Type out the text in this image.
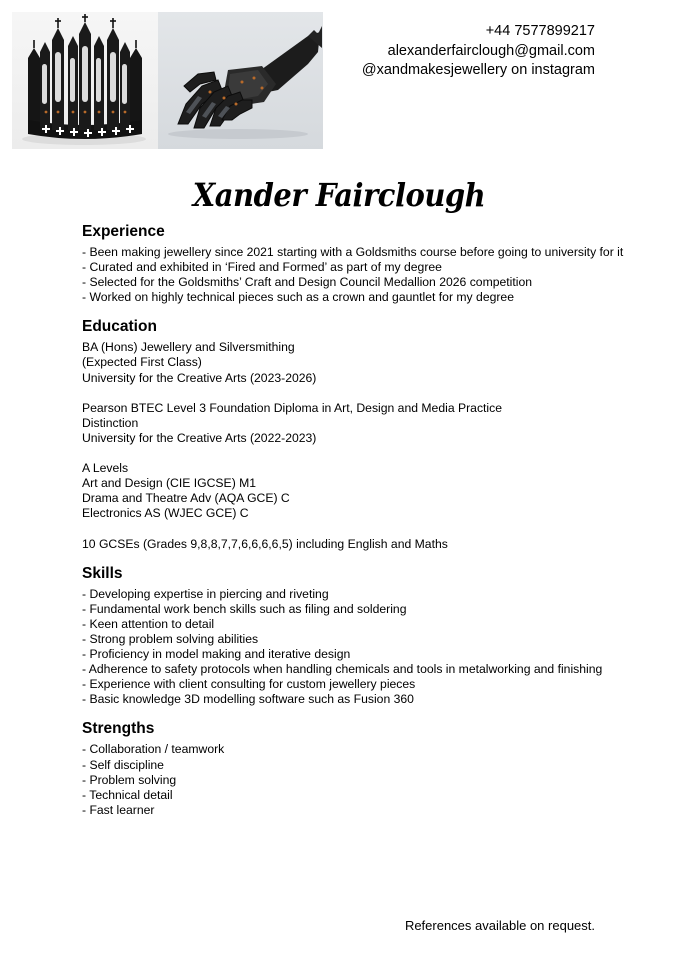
+44 7577899217
alexanderfairclough@gmail.com
@xandmakesjewellery on instagram
Xander Fairclough
Experience
- Been making jewellery since 2021 starting with a Goldsmiths course before going to university for it
- Curated and exhibited in ‘Fired and Formed’ as part of my degree
- Selected for the Goldsmiths’ Craft and Design Council Medallion 2026 competition
- Worked on highly technical pieces such as a crown and gauntlet for my degree
Education
BA (Hons) Jewellery and Silversmithing
(Expected First Class)
University for the Creative Arts (2023-2026)
Pearson BTEC Level 3 Foundation Diploma in Art, Design and Media Practice
Distinction
University for the Creative Arts (2022-2023)
A Levels
Art and Design (CIE IGCSE) M1
Drama and Theatre Adv (AQA GCE) C
Electronics AS (WJEC GCE) C
10 GCSEs (Grades 9,8,8,7,7,6,6,6,6,5) including English and Maths
Skills
- Developing expertise in piercing and riveting
- Fundamental work bench skills such as filing and soldering
- Keen attention to detail
- Strong problem solving abilities
- Proficiency in model making and iterative design
- Adherence to safety protocols when handling chemicals and tools in metalworking and finishing
- Experience with client consulting for custom jewellery pieces
- Basic knowledge 3D modelling software such as Fusion 360
Strengths
- Collaboration / teamwork
- Self discipline
- Problem solving
- Technical detail
- Fast learner
References available on request.
